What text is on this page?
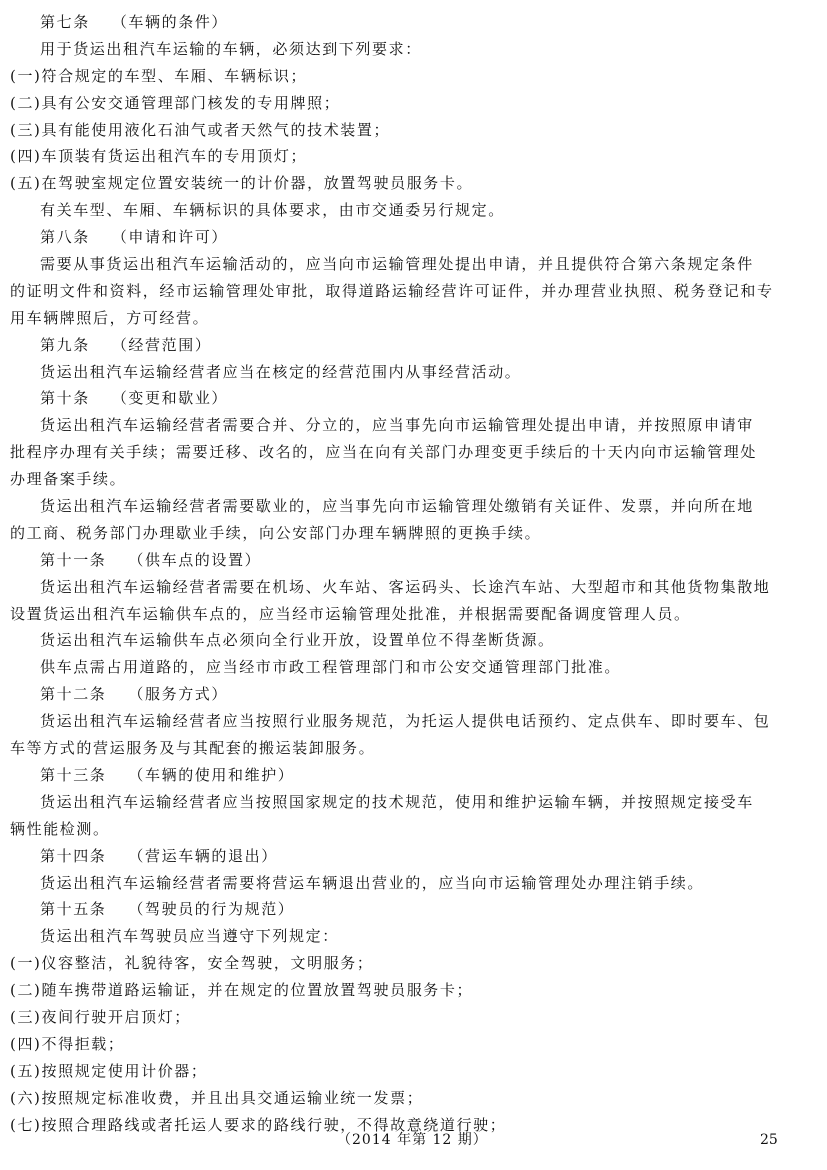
第七条 （车辆的条件）
用于货运出租汽车运输的车辆，必须达到下列要求：
(一)符合规定的车型、车厢、车辆标识；
(二)具有公安交通管理部门核发的专用牌照；
(三)具有能使用液化石油气或者天然气的技术装置；
(四)车顶装有货运出租汽车的专用顶灯；
(五)在驾驶室规定位置安装统一的计价器，放置驾驶员服务卡。
有关车型、车厢、车辆标识的具体要求，由市交通委另行规定。
第八条 （申请和许可）
需要从事货运出租汽车运输活动的，应当向市运输管理处提出申请，并且提供符合第六条规定条件
的证明文件和资料，经市运输管理处审批，取得道路运输经营许可证件，并办理营业执照、税务登记和专
用车辆牌照后，方可经营。
第九条 （经营范围）
货运出租汽车运输经营者应当在核定的经营范围内从事经营活动。
第十条 （变更和歇业）
货运出租汽车运输经营者需要合并、分立的，应当事先向市运输管理处提出申请，并按照原申请审
批程序办理有关手续；需要迁移、改名的，应当在向有关部门办理变更手续后的十天内向市运输管理处
办理备案手续。
货运出租汽车运输经营者需要歇业的，应当事先向市运输管理处缴销有关证件、发票，并向所在地
的工商、税务部门办理歇业手续，向公安部门办理车辆牌照的更换手续。
第十一条 （供车点的设置）
货运出租汽车运输经营者需要在机场、火车站、客运码头、长途汽车站、大型超市和其他货物集散地
设置货运出租汽车运输供车点的，应当经市运输管理处批准，并根据需要配备调度管理人员。
货运出租汽车运输供车点必须向全行业开放，设置单位不得垄断货源。
供车点需占用道路的，应当经市市政工程管理部门和市公安交通管理部门批准。
第十二条 （服务方式）
货运出租汽车运输经营者应当按照行业服务规范，为托运人提供电话预约、定点供车、即时要车、包
车等方式的营运服务及与其配套的搬运装卸服务。
第十三条 （车辆的使用和维护）
货运出租汽车运输经营者应当按照国家规定的技术规范，使用和维护运输车辆，并按照规定接受车
辆性能检测。
第十四条 （营运车辆的退出）
货运出租汽车运输经营者需要将营运车辆退出营业的，应当向市运输管理处办理注销手续。
第十五条 （驾驶员的行为规范）
货运出租汽车驾驶员应当遵守下列规定：
(一)仪容整洁，礼貌待客，安全驾驶，文明服务；
(二)随车携带道路运输证，并在规定的位置放置驾驶员服务卡；
(三)夜间行驶开启顶灯；
(四)不得拒载；
(五)按照规定使用计价器；
(六)按照规定标准收费，并且出具交通运输业统一发票；
(七)按照合理路线或者托运人要求的路线行驶，不得故意绕道行驶；
（2014 年第 12 期）	25
